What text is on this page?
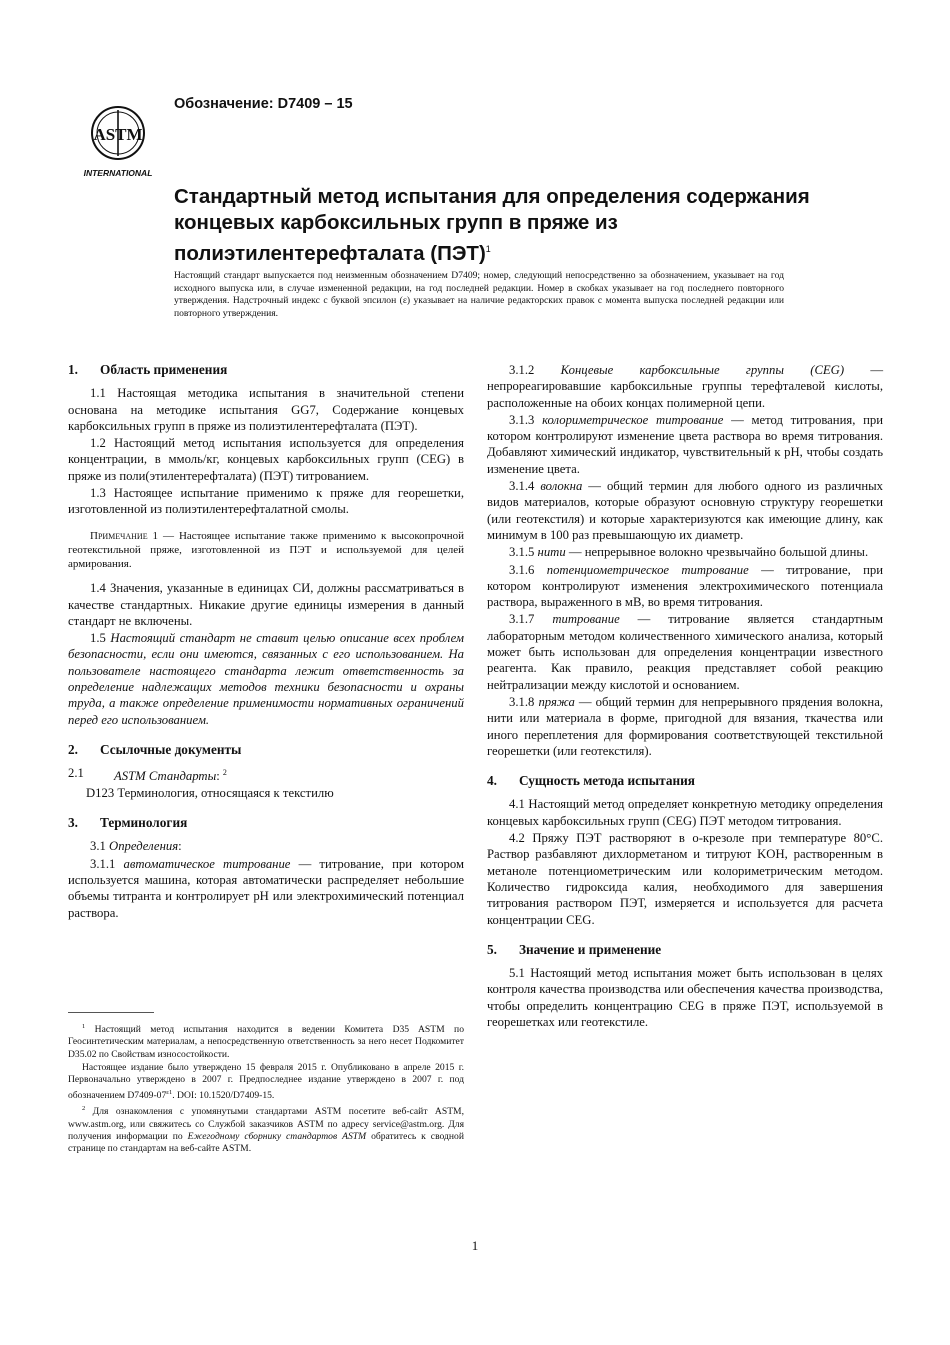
ASTM
INTERNATIONAL
Обозначение: D7409 – 15
Стандартный метод испытания для определения содержания концевых карбоксильных групп в пряже из полиэтилентерефталата (ПЭТ)$^1$

Настоящий стандарт выпускается под неизменным обозначением D7409; номер, следующий непосредственно за обозначением, указывает на год исходного выпуска или, в случае измененной редакции, на год последней редакции. Номер в скобках указывает на год последнего повторного утверждения. Надстрочный индекс с буквой эпсилон (ε) указывает на наличие редакторских правок с момента выпуска последней редакции или повторного утверждения.

1. Область применения

1.1 Настоящая методика испытания в значительной степени основана на методике испытания GG7, Содержание концевых карбоксильных групп в пряже из полиэтилентерефталата (ПЭТ).

1.2 Настоящий метод испытания используется для определения концентрации, в ммоль/кг, концевых карбоксильных групп (CEG) в пряже из поли(этилентерефталата) (ПЭТ) титрованием.

1.3 Настоящее испытание применимо к пряже для георешетки, изготовленной из полиэтилентерефталатной смолы.

Примечание 1 — Настоящее испытание также применимо к высокопрочной геотекстильной пряже, изготовленной из ПЭТ и используемой для целей армирования.

1.4 Значения, указанные в единицах СИ, должны рассматриваться в качестве стандартных. Никакие другие единицы измерения в данный стандарт не включены.

1.5 Настоящий стандарт не ставит целью описание всех проблем безопасности, если они имеются, связанных с его использованием. На пользователе настоящего стандарта лежит ответственность за определение надлежащих методов техники безопасности и охраны труда, а также определение применимости нормативных ограничений перед его использованием.

2. Ссылочные документы

2.1	ASTM Стандарты: $^2$

D123 Терминология, относящаяся к текстилю

3. Терминология

3.1 Определения:

3.1.1 автоматическое титрование — титрование, при котором используется машина, которая автоматически распределяет небольшие объемы титранта и контролирует pH или электрохимический потенциал раствора.

3.1.2 Концевые карбоксильные группы (CEG) — непрореагировавшие карбоксильные группы терефталевой кислоты, расположенные на обоих концах полимерной цепи.

3.1.3 колориметрическое титрование — метод титрования, при котором контролируют изменение цвета раствора во время титрования. Добавляют химический индикатор, чувствительный к pH, чтобы создать изменение цвета.

3.1.4 волокна — общий термин для любого одного из различных видов материалов, которые образуют основную структуру георешетки (или геотекстиля) и которые характеризуются как имеющие длину, как минимум в 100 раз превышающую их диаметр.

3.1.5 нити — непрерывное волокно чрезвычайно большой длины.

3.1.6 потенциометрическое титрование — титрование, при котором контролируют изменения электрохимического потенциала раствора, выраженного в мВ, во время титрования.

3.1.7 титрование — титрование является стандартным лабораторным методом количественного химического анализа, который может быть использован для определения концентрации известного реагента. Как правило, реакция представляет собой реакцию нейтрализации между кислотой и основанием.

3.1.8 пряжа — общий термин для непрерывного прядения волокна, нити или материала в форме, пригодной для вязания, ткачества или иного переплетения для формирования соответствующей текстильной георешетки (или геотекстиля).

4. Сущность метода испытания

4.1 Настоящий метод определяет конкретную методику определения концевых карбоксильных групп (CEG) ПЭТ методом титрования.

4.2 Пряжу ПЭТ растворяют в о-крезоле при температуре 80°C. Раствор разбавляют дихлорметаном и титруют KOH, растворенным в метаноле потенциометрическим или колориметрическим методом. Количество гидроксида калия, необходимого для завершения титрования раствором ПЭТ, измеряется и используется для расчета концентрации CEG.

5. Значение и применение

5.1 Настоящий метод испытания может быть использован в целях контроля качества производства или обеспечения качества производства, чтобы определить концентрацию CEG в пряже ПЭТ, используемой в георешетках или геотекстиле.

$^1$ Настоящий метод испытания находится в ведении Комитета D35 ASTM по Геосинтетическим материалам, а непосредственную ответственность за него несет Подкомитет D35.02 по Свойствам износостойкости.

Настоящее издание было утверждено 15 февраля 2015 г. Опубликовано в апреле 2015 г. Первоначально утверждено в 2007 г. Предпоследнее издание утверждено в 2007 г. под обозначением $D7409-07^{\varepsilon 1}$. DOI: 10.1520/D7409-15.

$^2$ Для ознакомления с упомянутыми стандартами ASTM посетите веб-сайт ASTM, www.astm.org, или свяжитесь со Службой заказчиков ASTM по адресу service@astm.org. Для получения информации по Ежегодному сборнику стандартов ASTM обратитесь к сводной странице по стандартам на веб-сайте ASTM.

1
